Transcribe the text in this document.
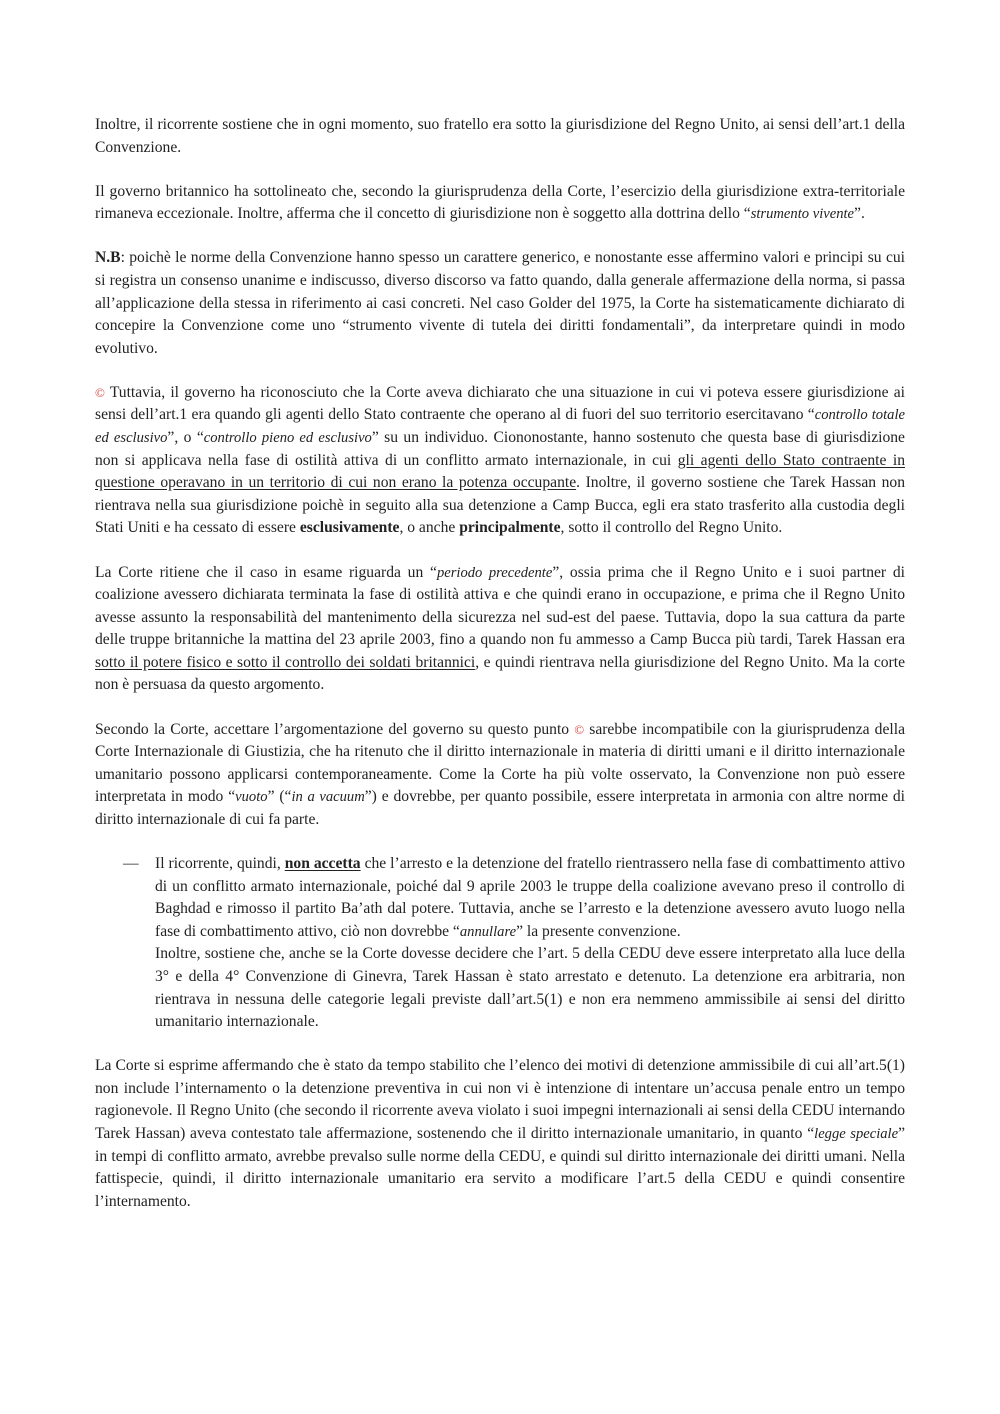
Inoltre, il ricorrente sostiene che in ogni momento, suo fratello era sotto la giurisdizione del Regno Unito, ai sensi dell’art.1 della Convenzione.

Il governo britannico ha sottolineato che, secondo la giurisprudenza della Corte, l’esercizio della giurisdizione extra-territoriale rimaneva eccezionale. Inoltre, afferma che il concetto di giurisdizione non è soggetto alla dottrina dello “strumento vivente”.

N.B: poichè le norme della Convenzione hanno spesso un carattere generico, e nonostante esse affermino valori e principi su cui si registra un consenso unanime e indiscusso, diverso discorso va fatto quando, dalla generale affermazione della norma, si passa all’applicazione della stessa in riferimento ai casi concreti. Nel caso Golder del 1975, la Corte ha sistematicamente dichiarato di concepire la Convenzione come uno “strumento vivente di tutela dei diritti fondamentali”, da interpretare quindi in modo evolutivo.

© Tuttavia, il governo ha riconosciuto che la Corte aveva dichiarato che una situazione in cui vi poteva essere giurisdizione ai sensi dell’art.1 era quando gli agenti dello Stato contraente che operano al di fuori del suo territorio esercitavano “controllo totale ed esclusivo”, o “controllo pieno ed esclusivo” su un individuo. Ciononostante, hanno sostenuto che questa base di giurisdizione non si applicava nella fase di ostilità attiva di un conflitto armato internazionale, in cui gli agenti dello Stato contraente in questione operavano in un territorio di cui non erano la potenza occupante. Inoltre, il governo sostiene che Tarek Hassan non rientrava nella sua giurisdizione poichè in seguito alla sua detenzione a Camp Bucca, egli era stato trasferito alla custodia degli Stati Uniti e ha cessato di essere esclusivamente, o anche principalmente, sotto il controllo del Regno Unito.

La Corte ritiene che il caso in esame riguarda un “periodo precedente”, ossia prima che il Regno Unito e i suoi partner di coalizione avessero dichiarata terminata la fase di ostilità attiva e che quindi erano in occupazione, e prima che il Regno Unito avesse assunto la responsabilità del mantenimento della sicurezza nel sud-est del paese. Tuttavia, dopo la sua cattura da parte delle truppe britanniche la mattina del 23 aprile 2003, fino a quando non fu ammesso a Camp Bucca più tardi, Tarek Hassan era sotto il potere fisico e sotto il controllo dei soldati britannici, e quindi rientrava nella giurisdizione del Regno Unito. Ma la corte non è persuasa da questo argomento.

Secondo la Corte, accettare l’argomentazione del governo su questo punto © sarebbe incompatibile con la giurisprudenza della Corte Internazionale di Giustizia, che ha ritenuto che il diritto internazionale in materia di diritti umani e il diritto internazionale umanitario possono applicarsi contemporaneamente. Come la Corte ha più volte osservato, la Convenzione non può essere interpretata in modo “vuoto” (“in a vacuum”) e dovrebbe, per quanto possibile, essere interpretata in armonia con altre norme di diritto internazionale di cui fa parte.

— Il ricorrente, quindi, non accetta che l’arresto e la detenzione del fratello rientrassero nella fase di combattimento attivo di un conflitto armato internazionale, poiché dal 9 aprile 2003 le truppe della coalizione avevano preso il controllo di Baghdad e rimosso il partito Ba’ath dal potere. Tuttavia, anche se l’arresto e la detenzione avessero avuto luogo nella fase di combattimento attivo, ciò non dovrebbe “annullare” la presente convenzione.
Inoltre, sostiene che, anche se la Corte dovesse decidere che l’art. 5 della CEDU deve essere interpretato alla luce della 3° e della 4° Convenzione di Ginevra, Tarek Hassan è stato arrestato e detenuto. La detenzione era arbitraria, non rientrava in nessuna delle categorie legali previste dall’art.5(1) e non era nemmeno ammissibile ai sensi del diritto umanitario internazionale.

La Corte si esprime affermando che è stato da tempo stabilito che l’elenco dei motivi di detenzione ammissibile di cui all’art.5(1) non include l’internamento o la detenzione preventiva in cui non vi è intenzione di intentare un’accusa penale entro un tempo ragionevole. Il Regno Unito (che secondo il ricorrente aveva violato i suoi impegni internazionali ai sensi della CEDU internando Tarek Hassan) aveva contestato tale affermazione, sostenendo che il diritto internazionale umanitario, in quanto “legge speciale” in tempi di conflitto armato, avrebbe prevalso sulle norme della CEDU, e quindi sul diritto internazionale dei diritti umani. Nella fattispecie, quindi, il diritto internazionale umanitario era servito a modificare l’art.5 della CEDU e quindi consentire l’internamento.
